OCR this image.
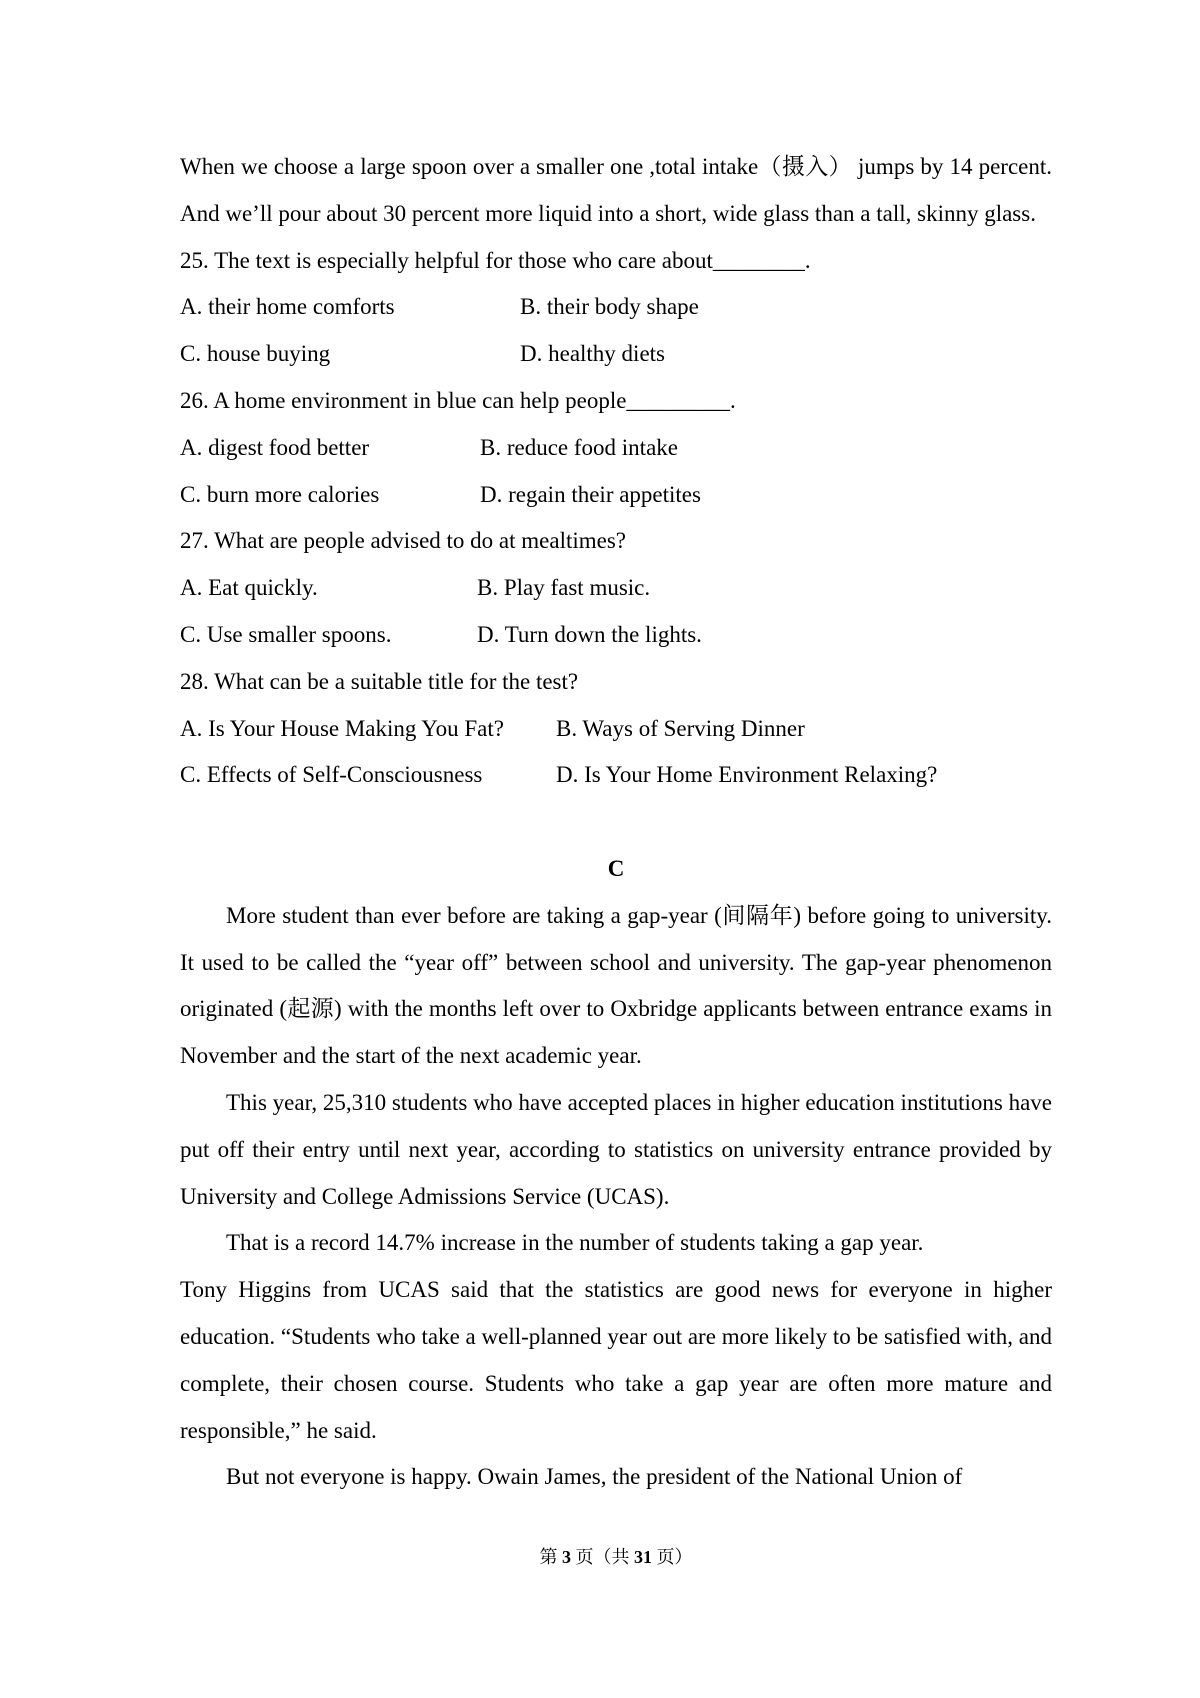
When we choose a large spoon over a smaller one ,total intake（摄入） jumps by 14 percent. And we’ll pour about 30 percent more liquid into a short, wide glass than a tall, skinny glass.

25. The text is especially helpful for those who care about________.
A. their home comforts	B. their body shape
C. house buying	D. healthy diets
26. A home environment in blue can help people_________.
A. digest food better	B. reduce food intake
C. burn more calories	D. regain their appetites
27. What are people advised to do at mealtimes?
A. Eat quickly.	B. Play fast music.
C. Use smaller spoons.	D. Turn down the lights.
28. What can be a suitable title for the test?
A. Is Your House Making You Fat? B. Ways of Serving Dinner
C. Effects of Self-Consciousness	D. Is Your Home Environment Relaxing?
C

More student than ever before are taking a gap-year (间隔年) before going to university. It used to be called the “year off” between school and university. The gap-year phenomenon originated (起源) with the months left over to Oxbridge applicants between entrance exams in November and the start of the next academic year.

This year, 25,310 students who have accepted places in higher education institutions have put off their entry until next year, according to statistics on university entrance provided by University and College Admissions Service (UCAS).

That is a record 14.7% increase in the number of students taking a gap year.

Tony Higgins from UCAS said that the statistics are good news for everyone in higher education. “Students who take a well-planned year out are more likely to be satisfied with, and complete, their chosen course. Students who take a gap year are often more mature and responsible,” he said.

But not everyone is happy. Owain James, the president of the National Union of

第 3 页（共 31 页）
